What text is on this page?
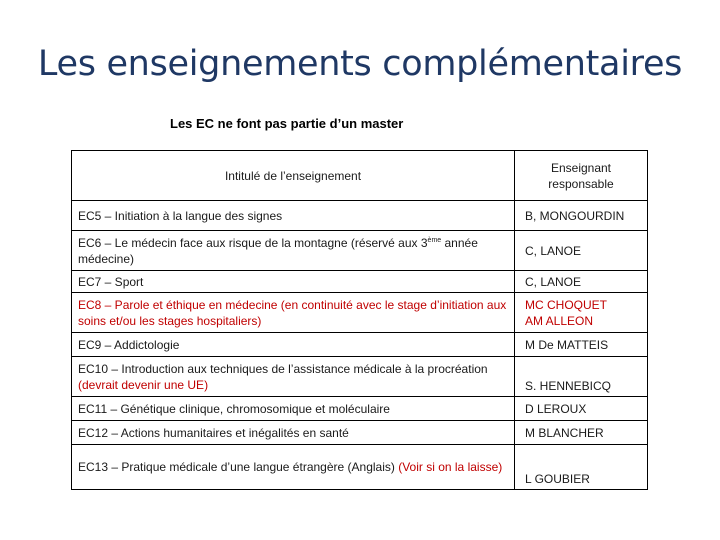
Les enseignements complémentaires
Les EC ne font pas partie d’un master
Intitulé de l’enseignement	Enseignant responsable
EC5 – Initiation à la langue des signes	B, MONGOURDIN
EC6 – Le médecin face aux risque de la montagne (réservé aux 3ème année médecine)	C, LANOE
EC7 – Sport	C, LANOE
EC8 – Parole et éthique en médecine (en continuité avec le stage d’initiation aux soins et/ou les stages hospitaliers)	MC CHOQUET
AM ALLEON

EC9 – Addictologie	M De MATTEIS
EC10 – Introduction aux techniques de l’assistance médicale à la procréation (devrait devenir une UE)	S. HENNEBICQ
EC11 – Génétique clinique, chromosomique et moléculaire	D LEROUX
EC12 – Actions humanitaires et inégalités en santé	M BLANCHER
EC13 – Pratique médicale d’une langue étrangère (Anglais) (Voir si on la laisse)	L GOUBIER
